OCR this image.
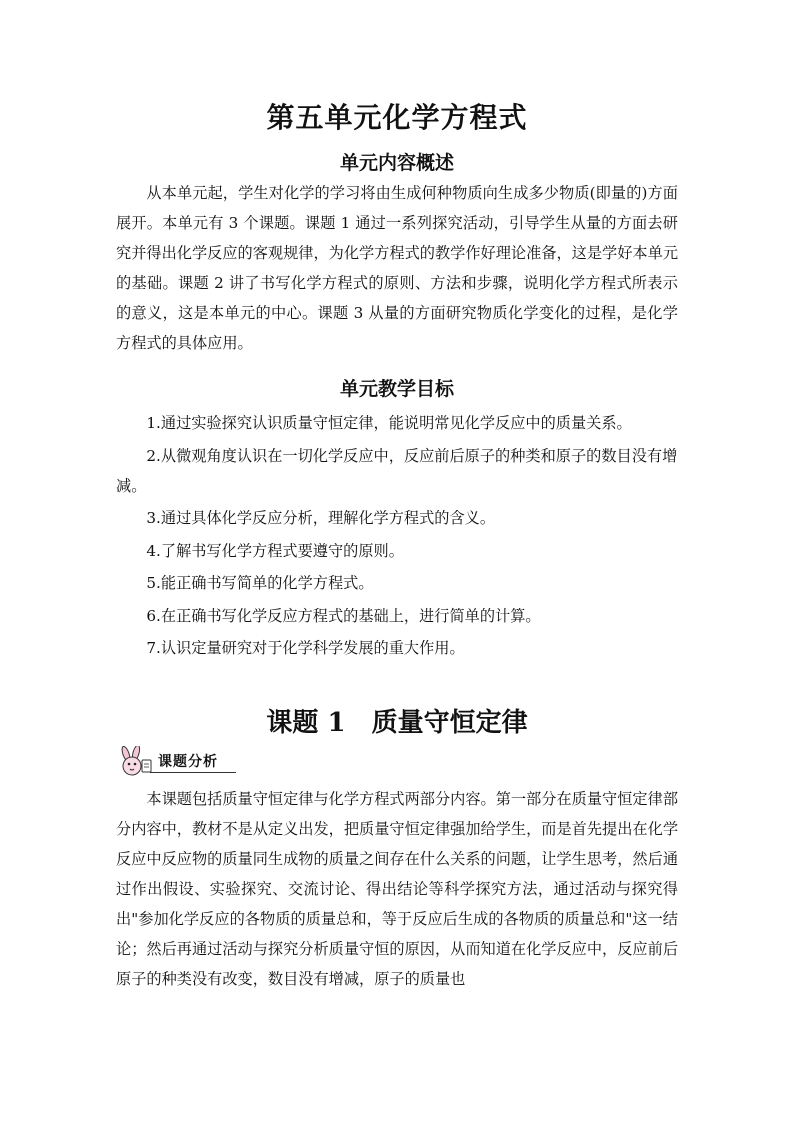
第五单元化学方程式
单元内容概述

从本单元起，学生对化学的学习将由生成何种物质向生成多少物质(即量的)方面展开。本单元有 3 个课题。课题 1 通过一系列探究活动，引导学生从量的方面去研究并得出化学反应的客观规律，为化学方程式的教学作好理论准备，这是学好本单元的基础。课题 2 讲了书写化学方程式的原则、方法和步骤，说明化学方程式所表示的意义，这是本单元的中心。课题 3 从量的方面研究物质化学变化的过程，是化学方程式的具体应用。

单元教学目标
1.通过实验探究认识质量守恒定律，能说明常见化学反应中的质量关系。
2.从微观角度认识在一切化学反应中，反应前后原子的种类和原子的数目没有增减。
3.通过具体化学反应分析，理解化学方程式的含义。
4.了解书写化学方程式要遵守的原则。
5.能正确书写简单的化学方程式。
6.在正确书写化学反应方程式的基础上，进行简单的计算。
7.认识定量研究对于化学科学发展的重大作用。
课题 1　质量守恒定律
课题分析

本课题包括质量守恒定律与化学方程式两部分内容。第一部分在质量守恒定律部分内容中，教材不是从定义出发，把质量守恒定律强加给学生，而是首先提出在化学反应中反应物的质量同生成物的质量之间存在什么关系的问题，让学生思考，然后通过作出假设、实验探究、交流讨论、得出结论等科学探究方法，通过活动与探究得出"参加化学反应的各物质的质量总和，等于反应后生成的各物质的质量总和"这一结论；然后再通过活动与探究分析质量守恒的原因，从而知道在化学反应中，反应前后原子的种类没有改变，数目没有增减，原子的质量也
